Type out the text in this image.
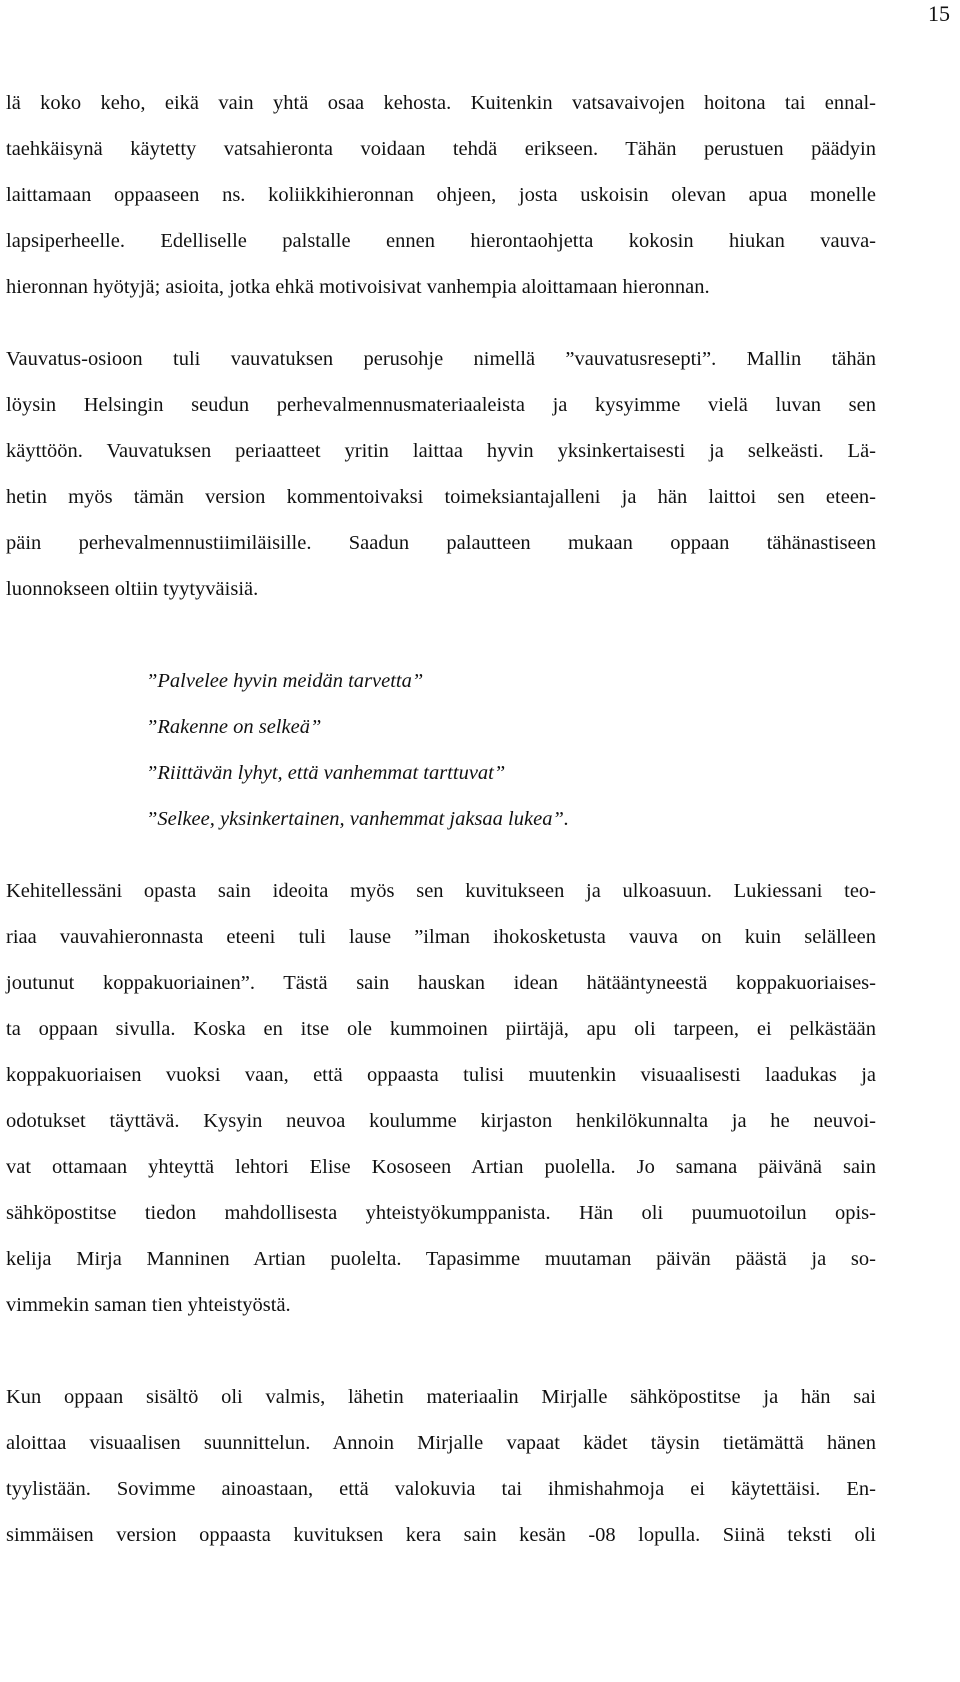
15
lä koko keho, eikä vain yhtä osaa kehosta. Kuitenkin vatsavaivojen hoitona tai ennal-
taehkäisynä käytetty vatsahieronta voidaan tehdä erikseen. Tähän perustuen päädyin
laittamaan oppaaseen ns. koliikkihieronnan ohjeen, josta uskoisin olevan apua monelle
lapsiperheelle. Edelliselle palstalle ennen hierontaohjetta kokosin hiukan vauva-
hieronnan hyötyjä; asioita, jotka ehkä motivoisivat vanhempia aloittamaan hieronnan.
Vauvatus-osioon tuli vauvatuksen perusohje nimellä ”vauvatusresepti”. Mallin tähän
löysin Helsingin seudun perhevalmennusmateriaaleista ja kysyimme vielä luvan sen
käyttöön. Vauvatuksen periaatteet yritin laittaa hyvin yksinkertaisesti ja selkeästi. Lä-
hetin myös tämän version kommentoivaksi toimeksiantajalleni ja hän laittoi sen eteen-
päin perhevalmennustiimiläisille. Saadun palautteen mukaan oppaan tähänastiseen
luonnokseen oltiin tyytyväisiä.
”Palvelee hyvin meidän tarvetta”
”Rakenne on selkeä”
”Riittävän lyhyt, että vanhemmat tarttuvat”
”Selkee, yksinkertainen, vanhemmat jaksaa lukea”.
Kehitellessäni opasta sain ideoita myös sen kuvitukseen ja ulkoasuun. Lukiessani teo-
riaa vauvahieronnasta eteeni tuli lause ”ilman ihokosketusta vauva on kuin selälleen
joutunut koppakuoriainen”. Tästä sain hauskan idean hätääntyneestä koppakuoriaises-
ta oppaan sivulla. Koska en itse ole kummoinen piirtäjä, apu oli tarpeen, ei pelkästään
koppakuoriaisen vuoksi vaan, että oppaasta tulisi muutenkin visuaalisesti laadukas ja
odotukset täyttävä. Kysyin neuvoa koulumme kirjaston henkilökunnalta ja he neuvoi-
vat ottamaan yhteyttä lehtori Elise Kososeen Artian puolella. Jo samana päivänä sain
sähköpostitse tiedon mahdollisesta yhteistyökumppanista. Hän oli puumuotoilun opis-
kelija Mirja Manninen Artian puolelta. Tapasimme muutaman päivän päästä ja so-
vimmekin saman tien yhteistyöstä.
Kun oppaan sisältö oli valmis, lähetin materiaalin Mirjalle sähköpostitse ja hän sai
aloittaa visuaalisen suunnittelun. Annoin Mirjalle vapaat kädet täysin tietämättä hänen
tyylistään. Sovimme ainoastaan, että valokuvia tai ihmishahmoja ei käytettäisi. En-
simmäisen version oppaasta kuvituksen kera sain kesän -08 lopulla. Siinä teksti oli
